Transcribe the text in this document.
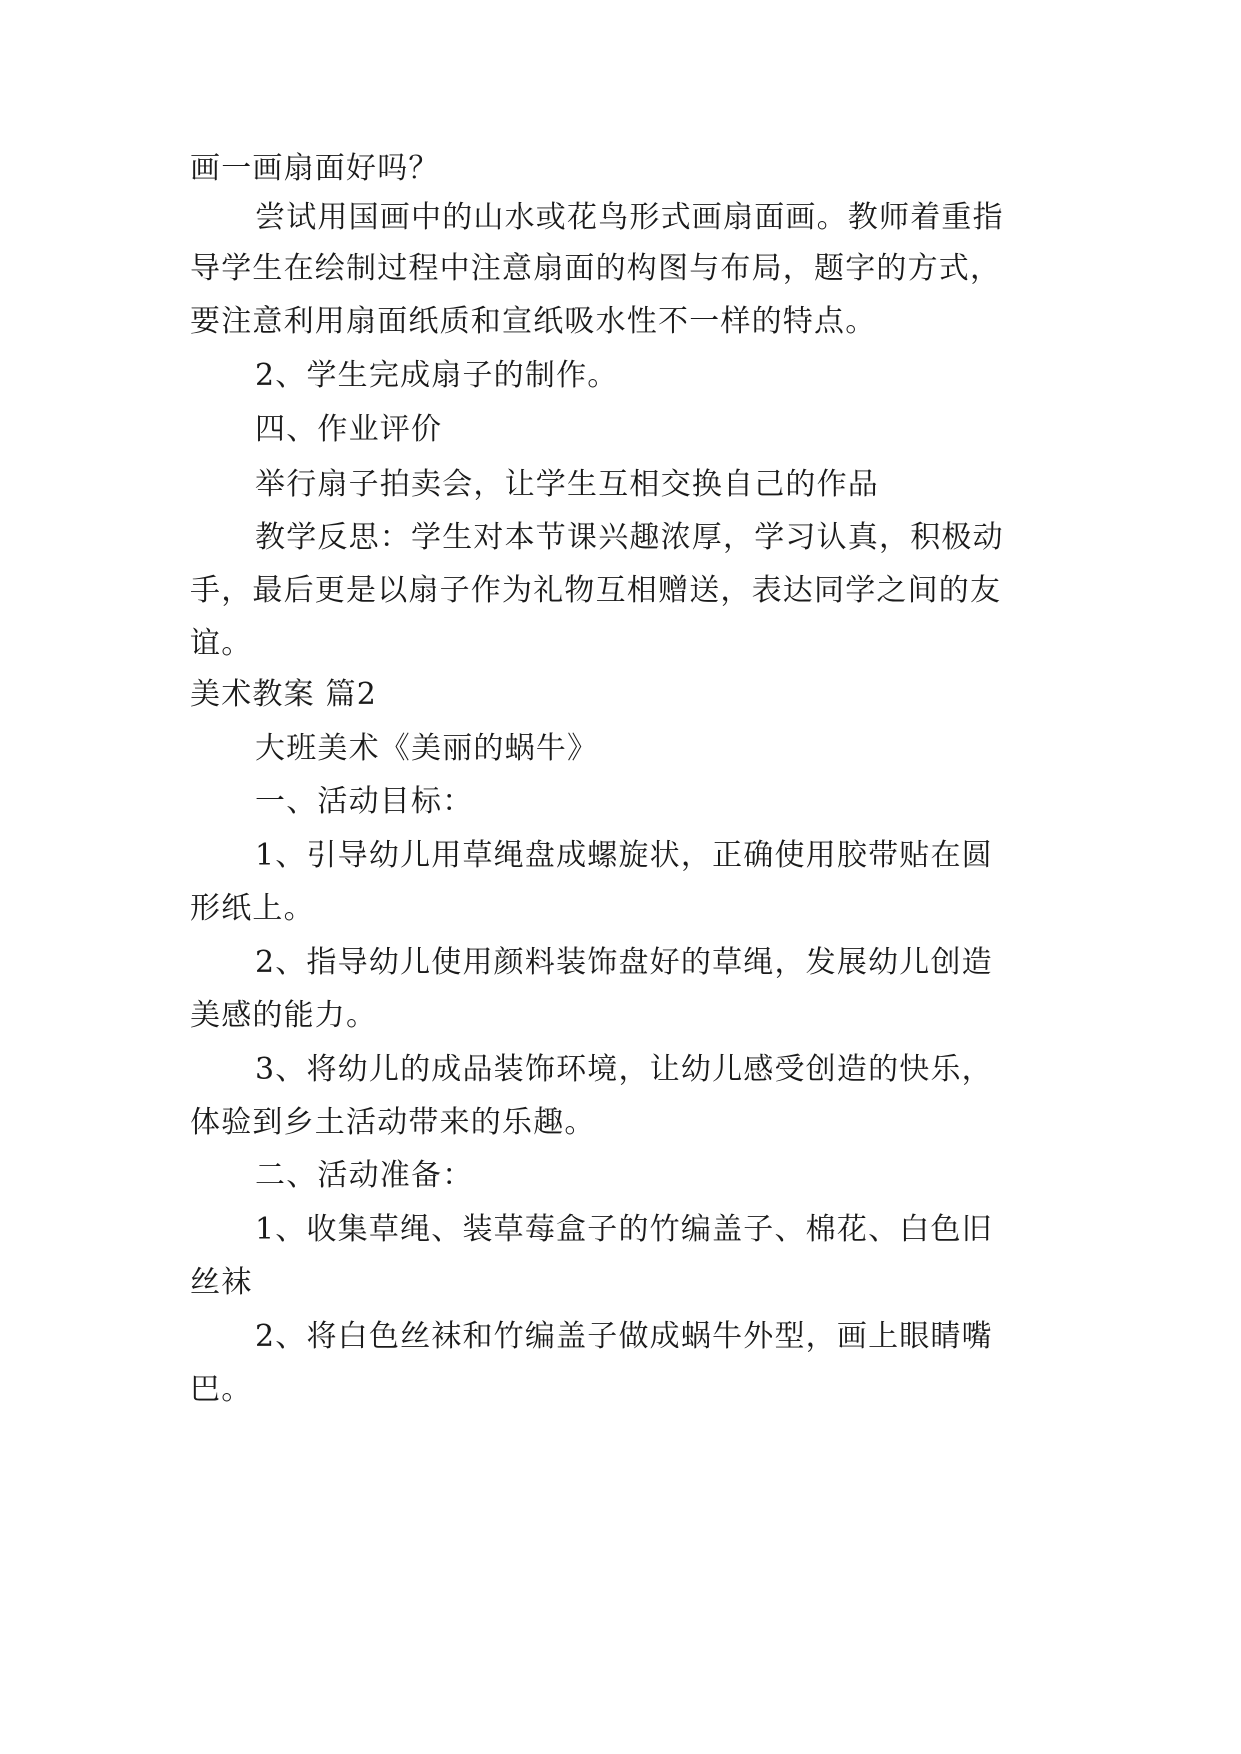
画一画扇面好吗？
尝试用国画中的山水或花鸟形式画扇面画。教师着重指
导学生在绘制过程中注意扇面的构图与布局，题字的方式，
要注意利用扇面纸质和宣纸吸水性不一样的特点。
2、学生完成扇子的制作。
四、作业评价
举行扇子拍卖会，让学生互相交换自己的作品
教学反思：学生对本节课兴趣浓厚，学习认真，积极动
手，最后更是以扇子作为礼物互相赠送，表达同学之间的友
谊。
美术教案 篇2
大班美术《美丽的蜗牛》
一、活动目标：
1、引导幼儿用草绳盘成螺旋状，正确使用胶带贴在圆
形纸上。
2、指导幼儿使用颜料装饰盘好的草绳，发展幼儿创造
美感的能力。
3、将幼儿的成品装饰环境，让幼儿感受创造的快乐，
体验到乡土活动带来的乐趣。
二、活动准备：
1、收集草绳、装草莓盒子的竹编盖子、棉花、白色旧
丝袜
2、将白色丝袜和竹编盖子做成蜗牛外型，画上眼睛嘴
巴。
